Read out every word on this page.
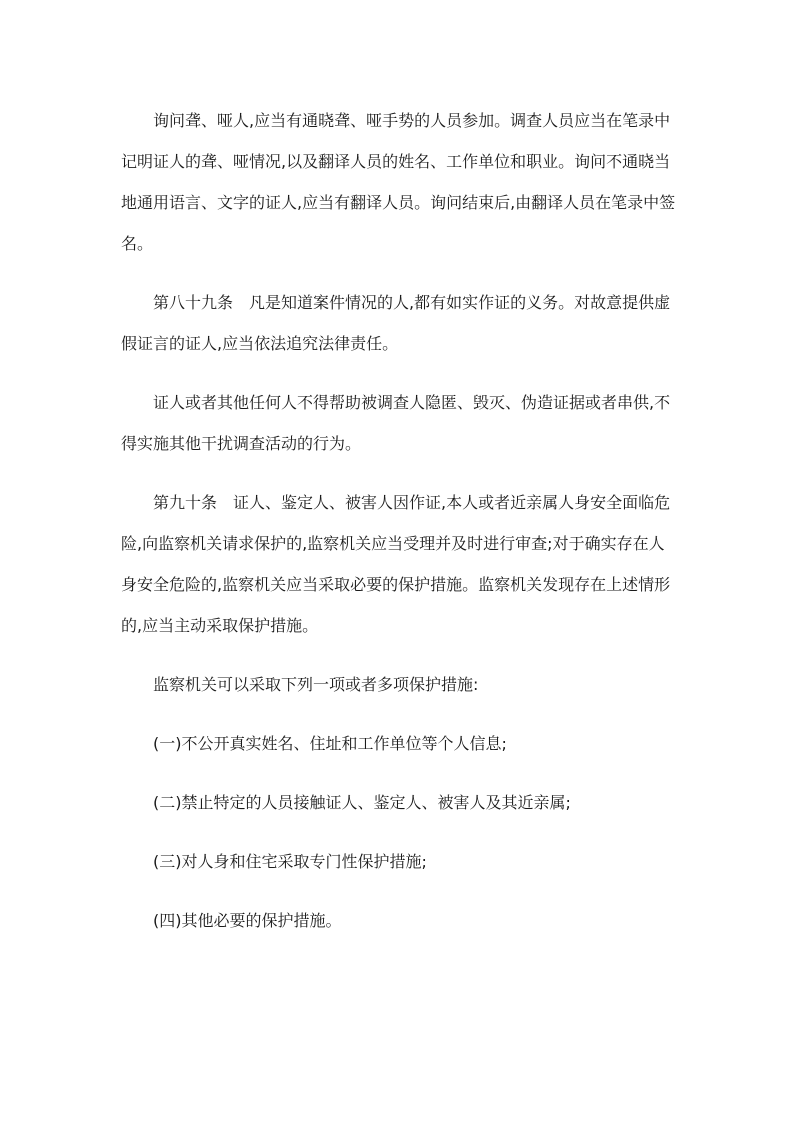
询问聋、哑人,应当有通晓聋、哑手势的人员参加。调查人员应当在笔录中记明证人的聋、哑情况,以及翻译人员的姓名、工作单位和职业。询问不通晓当地通用语言、文字的证人,应当有翻译人员。询问结束后,由翻译人员在笔录中签名。

第八十九条 凡是知道案件情况的人,都有如实作证的义务。对故意提供虚假证言的证人,应当依法追究法律责任。

证人或者其他任何人不得帮助被调查人隐匿、毁灭、伪造证据或者串供,不得实施其他干扰调查活动的行为。

第九十条 证人、鉴定人、被害人因作证,本人或者近亲属人身安全面临危险,向监察机关请求保护的,监察机关应当受理并及时进行审查;对于确实存在人身安全危险的,监察机关应当采取必要的保护措施。监察机关发现存在上述情形的,应当主动采取保护措施。

监察机关可以采取下列一项或者多项保护措施:

(一)不公开真实姓名、住址和工作单位等个人信息;

(二)禁止特定的人员接触证人、鉴定人、被害人及其近亲属;

(三)对人身和住宅采取专门性保护措施;

(四)其他必要的保护措施。
